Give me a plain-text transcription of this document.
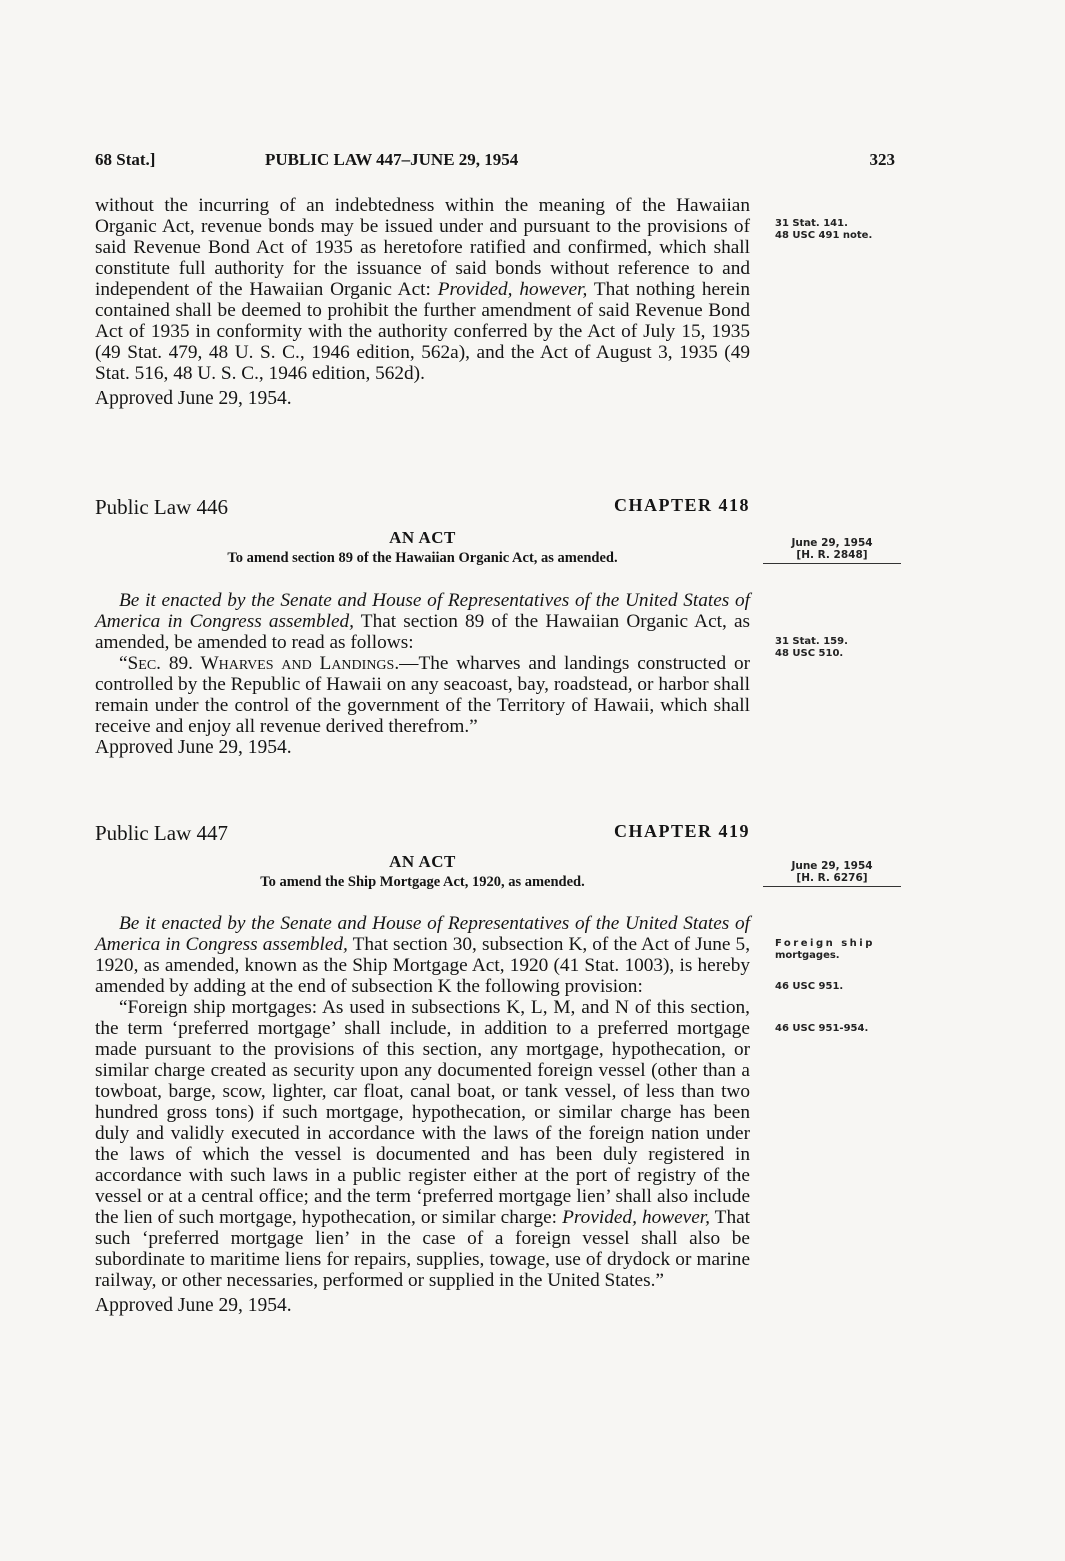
68 Stat.]	PUBLIC LAW 447–JUNE 29, 1954	323

without the incurring of an indebtedness within the meaning of the Hawaiian Organic Act, revenue bonds may be issued under and pursuant to the provisions of said Revenue Bond Act of 1935 as heretofore ratified and confirmed, which shall constitute full authority for the issuance of said bonds without reference to and independent of the Hawaiian Organic Act: Provided, however, That nothing herein contained shall be deemed to prohibit the further amendment of said Revenue Bond Act of 1935 in conformity with the authority conferred by the Act of July 15, 1935 (49 Stat. 479, 48 U. S. C., 1946 edition, 562a), and the Act of August 3, 1935 (49 Stat. 516, 48 U. S. C., 1946 edition, 562d).

Approved June 29, 1954.

31 Stat. 141.
48 USC 491 note.
Public Law 446	CHAPTER 418
AN ACT
To amend section 89 of the Hawaiian Organic Act, as amended.
June 29, 1954
[H. R. 2848]

Be it enacted by the Senate and House of Representatives of the United States of America in Congress assembled, That section 89 of the Hawaiian Organic Act, as amended, be amended to read as follows:

“Sec. 89. Wharves and Landings.—The wharves and landings constructed or controlled by the Republic of Hawaii on any seacoast, bay, roadstead, or harbor shall remain under the control of the government of the Territory of Hawaii, which shall receive and enjoy all revenue derived therefrom.”

Approved June 29, 1954.

31 Stat. 159.
48 USC 510.
Public Law 447	CHAPTER 419
AN ACT
To amend the Ship Mortgage Act, 1920, as amended.
June 29, 1954
[H. R. 6276]

Be it enacted by the Senate and House of Representatives of the United States of America in Congress assembled, That section 30, subsection K, of the Act of June 5, 1920, as amended, known as the Ship Mortgage Act, 1920 (41 Stat. 1003), is hereby amended by adding at the end of subsection K the following provision:

“Foreign ship mortgages: As used in subsections K, L, M, and N of this section, the term ‘preferred mortgage’ shall include, in addition to a preferred mortgage made pursuant to the provisions of this section, any mortgage, hypothecation, or similar charge created as security upon any documented foreign vessel (other than a towboat, barge, scow, lighter, car float, canal boat, or tank vessel, of less than two hundred gross tons) if such mortgage, hypothecation, or similar charge has been duly and validly executed in accordance with the laws of the foreign nation under the laws of which the vessel is documented and has been duly registered in accordance with such laws in a public register either at the port of registry of the vessel or at a central office; and the term ‘preferred mortgage lien’ shall also include the lien of such mortgage, hypothecation, or similar charge: Provided, however, That such ‘preferred mortgage lien’ in the case of a foreign vessel shall also be subordinate to maritime liens for repairs, supplies, towage, use of drydock or marine railway, or other necessaries, performed or supplied in the United States.”

Approved June 29, 1954.

Foreign ship
mortgages.
46 USC 951.
46 USC 951-954.
